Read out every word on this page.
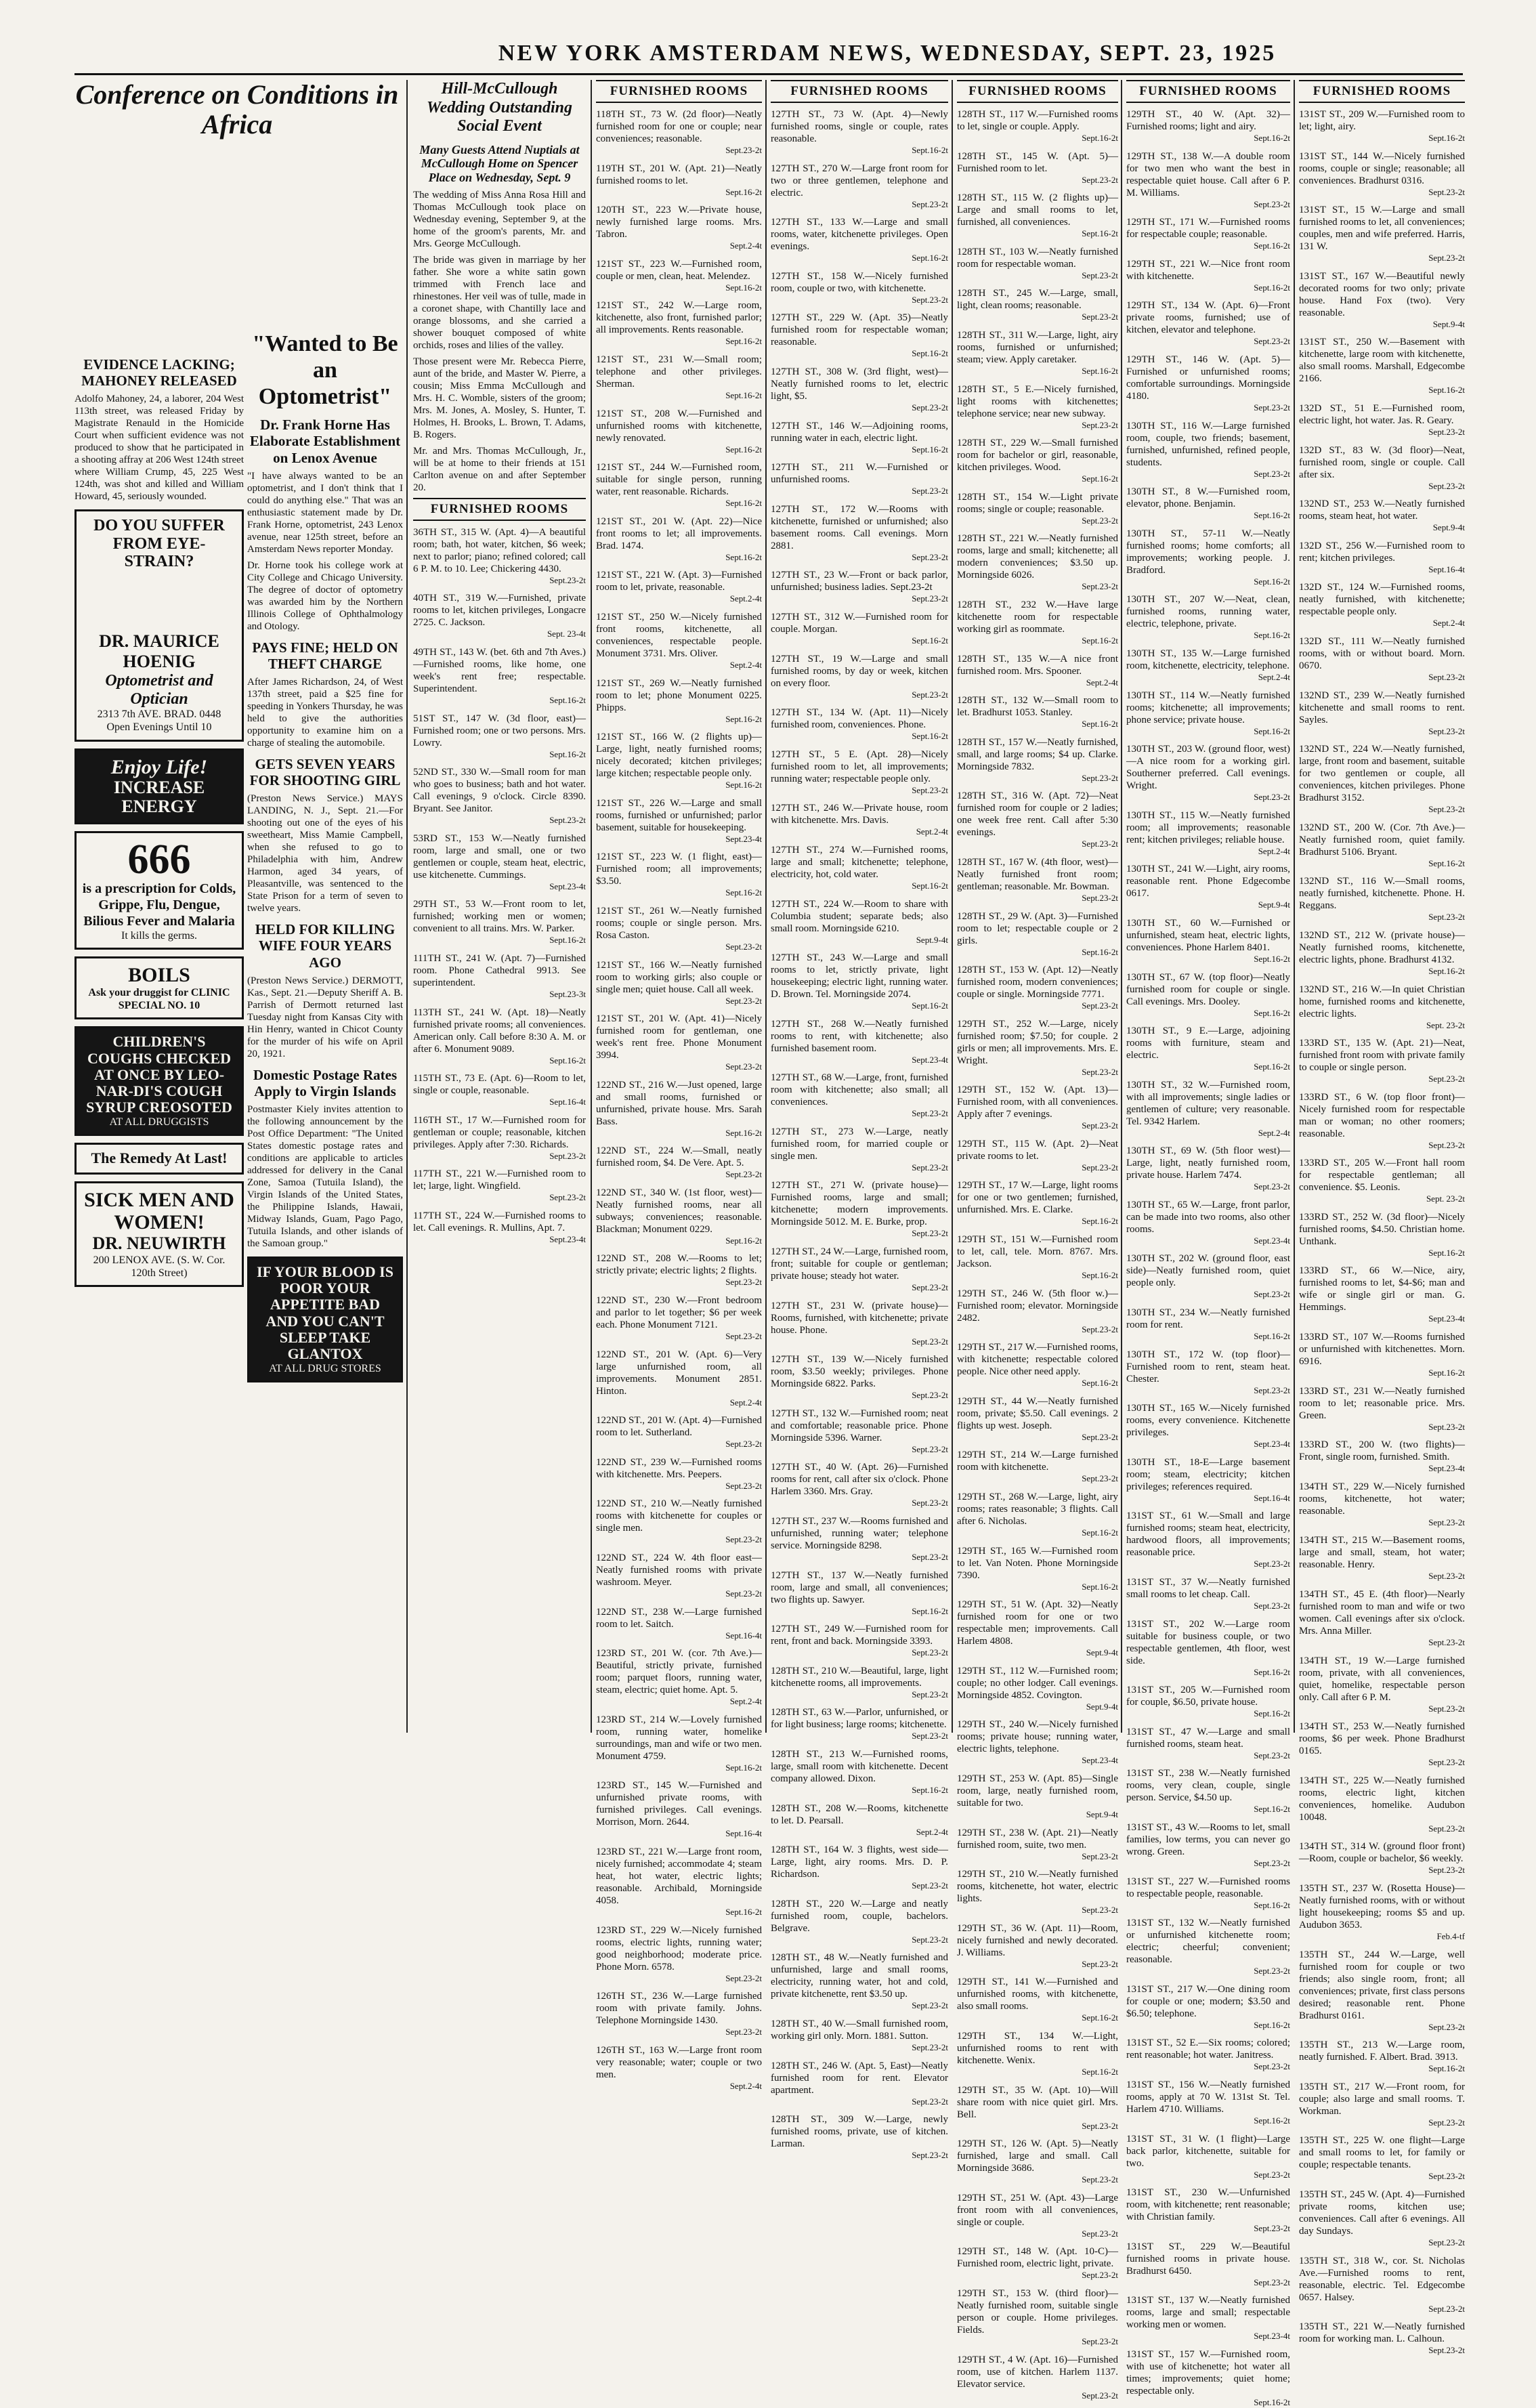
NEW YORK AMSTERDAM NEWS, WEDNESDAY, SEPT. 23, 1925
Conference on Conditions in Africa
EVIDENCE LACKING; MAHONEY RELEASED
Adolfo Mahoney, 24, a laborer, 204 West 113th street, was released Friday by Magistrate Renauld in the Homicide Court when sufficient evidence was not produced to show that he participated in a shooting affray at 206 West 124th street where William Crump, 45, 225 West 124th, was shot and killed and William Howard, 45, seriously wounded.
DO YOU SUFFER FROM EYE-STRAIN?
DR. MAURICE HOENIG
Optometrist and Optician
2313 7th AVE. BRAD. 0448
Open Evenings Until 10
Enjoy Life!
INCREASE ENERGY
666
is a prescription for Colds, Grippe, Flu, Dengue, Bilious Fever and Malaria
It kills the germs.
BOILS
Ask your druggist for CLINIC SPECIAL NO. 10
CHILDREN'S COUGHS CHECKED AT ONCE BY LEO-NAR-DI'S COUGH SYRUP CREOSOTED
AT ALL DRUGGISTS
The Remedy At Last!
SICK MEN AND WOMEN!
DR. NEUWIRTH
200 LENOX AVE. (S. W. Cor. 120th Street)
"Wanted to Be an Optometrist"
Dr. Frank Horne Has Elaborate Establishment on Lenox Avenue
"I have always wanted to be an optometrist, and I don't think that I could do anything else." That was an enthusiastic statement made by Dr. Frank Horne, optometrist, 243 Lenox avenue, near 125th street, before an Amsterdam News reporter Monday.
Dr. Horne took his college work at City College and Chicago University. The degree of doctor of optometry was awarded him by the Northern Illinois College of Ophthalmology and Otology.
PAYS FINE; HELD ON THEFT CHARGE
After James Richardson, 24, of West 137th street, paid a $25 fine for speeding in Yonkers Thursday, he was held to give the authorities opportunity to examine him on a charge of stealing the automobile.
GETS SEVEN YEARS FOR SHOOTING GIRL
(Preston News Service.) MAYS LANDING, N. J., Sept. 21.—For shooting out one of the eyes of his sweetheart, Miss Mamie Campbell, when she refused to go to Philadelphia with him, Andrew Harmon, aged 34 years, of Pleasantville, was sentenced to the State Prison for a term of seven to twelve years.
HELD FOR KILLING WIFE FOUR YEARS AGO
(Preston News Service.) DERMOTT, Kas., Sept. 21.—Deputy Sheriff A. B. Parrish of Dermott returned last Tuesday night from Kansas City with Hin Henry, wanted in Chicot County for the murder of his wife on April 20, 1921.
Domestic Postage Rates Apply to Virgin Islands
Postmaster Kiely invites attention to the following announcement by the Post Office Department: "The United States domestic postage rates and conditions are applicable to articles addressed for delivery in the Canal Zone, Samoa (Tutuila Island), the Virgin Islands of the United States, the Philippine Islands, Hawaii, Midway Islands, Guam, Pago Pago, Tutuila Islands, and other islands of the Samoan group."
IF YOUR BLOOD IS POOR YOUR APPETITE BAD AND YOU CAN'T SLEEP TAKE GLANTOX
AT ALL DRUG STORES
Hill-McCullough Wedding Outstanding Social Event
Many Guests Attend Nuptials at McCullough Home on Spencer Place on Wednesday, Sept. 9
The wedding of Miss Anna Rosa Hill and Thomas McCullough took place on Wednesday evening, September 9, at the home of the groom's parents, Mr. and Mrs. George McCullough.
The bride was given in marriage by her father. She wore a white satin gown trimmed with French lace and rhinestones. Her veil was of tulle, made in a coronet shape, with Chantilly lace and orange blossoms, and she carried a shower bouquet composed of white orchids, roses and lilies of the valley.
Those present were Mr. Rebecca Pierre, aunt of the bride, and Master W. Pierre, a cousin; Miss Emma McCullough and Mrs. H. C. Womble, sisters of the groom; Mrs. M. Jones, A. Mosley, S. Hunter, T. Holmes, H. Brooks, L. Brown, T. Adams, B. Rogers.
Mr. and Mrs. Thomas McCullough, Jr., will be at home to their friends at 151 Carlton avenue on and after September 20.
FURNISHED ROOMS
36TH ST., 315 W. (Apt. 4)—A beautiful room; bath, hot water, kitchen, $6 week; next to parlor; piano; refined colored; call 6 P. M. to 10. Lee; Chickering 4430.
Sept.23-2t
40TH ST., 319 W.—Furnished, private rooms to let, kitchen privileges, Longacre 2725. C. Jackson.
Sept. 23-4t
49TH ST., 143 W. (bet. 6th and 7th Aves.)—Furnished rooms, like home, one week's rent free; respectable. Superintendent.
Sept.16-2t
51ST ST., 147 W. (3d floor, east)—Furnished room; one or two persons. Mrs. Lowry.
Sept.16-2t
52ND ST., 330 W.—Small room for man who goes to business; bath and hot water. Call evenings, 9 o'clock. Circle 8390. Bryant. See Janitor.
Sept.23-2t
53RD ST., 153 W.—Neatly furnished room, large and small, one or two gentlemen or couple, steam heat, electric, use kitchenette. Cummings.
Sept.23-4t
29TH ST., 53 W.—Front room to let, furnished; working men or women; convenient to all trains. Mrs. W. Parker.
Sept.16-2t
111TH ST., 241 W. (Apt. 7)—Furnished room. Phone Cathedral 9913. See superintendent.
Sept.23-3t
113TH ST., 241 W. (Apt. 18)—Neatly furnished private rooms; all conveniences. American only. Call before 8:30 A. M. or after 6. Monument 9089.
Sept.16-2t
115TH ST., 73 E. (Apt. 6)—Room to let, single or couple, reasonable.
Sept.16-4t
116TH ST., 17 W.—Furnished room for gentleman or couple; reasonable, kitchen privileges. Apply after 7:30. Richards.
Sept.23-2t
117TH ST., 221 W.—Furnished room to let; large, light. Wingfield.
Sept.23-2t
117TH ST., 224 W.—Furnished rooms to let. Call evenings. R. Mullins, Apt. 7.
Sept.23-4t
FURNISHED ROOMS
118TH ST., 73 W. (2d floor)—Neatly furnished room for one or couple; near conveniences; reasonable.
Sept.23-2t
119TH ST., 201 W. (Apt. 21)—Neatly furnished rooms to let.
Sept.16-2t
120TH ST., 223 W.—Private house, newly furnished large rooms. Mrs. Tabron.
Sept.2-4t
121ST ST., 223 W.—Furnished room, couple or men, clean, heat. Melendez.
Sept.16-2t
121ST ST., 242 W.—Large room, kitchenette, also front, furnished parlor; all improvements. Rents reasonable.
Sept.16-2t
121ST ST., 231 W.—Small room; telephone and other privileges. Sherman.
Sept.16-2t
121ST ST., 208 W.—Furnished and unfurnished rooms with kitchenette, newly renovated.
Sept.16-2t
121ST ST., 244 W.—Furnished room, suitable for single person, running water, rent reasonable. Richards.
Sept.16-2t
121ST ST., 201 W. (Apt. 22)—Nice front rooms to let; all improvements. Brad. 1474.
Sept.16-2t
121ST ST., 221 W. (Apt. 3)—Furnished room to let, private, reasonable.
Sept.2-4t
121ST ST., 250 W.—Nicely furnished front rooms, kitchenette, all conveniences, respectable people. Monument 3731. Mrs. Oliver.
Sept.2-4t
121ST ST., 269 W.—Neatly furnished room to let; phone Monument 0225. Phipps.
Sept.16-2t
121ST ST., 166 W. (2 flights up)—Large, light, neatly furnished rooms; nicely decorated; kitchen privileges; large kitchen; respectable people only.
Sept.16-2t
121ST ST., 226 W.—Large and small rooms, furnished or unfurnished; parlor basement, suitable for housekeeping.
Sept.23-4t
121ST ST., 223 W. (1 flight, east)—Furnished room; all improvements; $3.50.
Sept.16-2t
121ST ST., 261 W.—Neatly furnished rooms; couple or single person. Mrs. Rosa Caston.
Sept.23-2t
121ST ST., 166 W.—Neatly furnished room to working girls; also couple or single men; quiet house. Call all week.
Sept.23-2t
121ST ST., 201 W. (Apt. 41)—Nicely furnished room for gentleman, one week's rent free. Phone Monument 3994.
Sept.23-2t
122ND ST., 216 W.—Just opened, large and small rooms, furnished or unfurnished, private house. Mrs. Sarah Bass.
Sept.16-2t
122ND ST., 224 W.—Small, neatly furnished room, $4. De Vere. Apt. 5.
Sept.23-2t
122ND ST., 340 W. (1st floor, west)—Neatly furnished rooms, near all subways; conveniences; reasonable. Blackman; Monument 0229.
Sept.16-2t
122ND ST., 208 W.—Rooms to let; strictly private; electric lights; 2 flights.
Sept.23-2t
122ND ST., 230 W.—Front bedroom and parlor to let together; $6 per week each. Phone Monument 7121.
Sept.23-2t
122ND ST., 201 W. (Apt. 6)—Very large unfurnished room, all improvements. Monument 2851. Hinton.
Sept.2-4t
122ND ST., 201 W. (Apt. 4)—Furnished room to let. Sutherland.
Sept.23-2t
122ND ST., 239 W.—Furnished rooms with kitchenette. Mrs. Peepers.
Sept.23-2t
122ND ST., 210 W.—Neatly furnished rooms with kitchenette for couples or single men.
Sept.23-2t
122ND ST., 224 W. 4th floor east—Neatly furnished rooms with private washroom. Meyer.
Sept.23-2t
122ND ST., 238 W.—Large furnished room to let. Saitch.
Sept.16-4t
123RD ST., 201 W. (cor. 7th Ave.)—Beautiful, strictly private, furnished room; parquet floors, running water, steam, electric; quiet home. Apt. 5.
Sept.2-4t
123RD ST., 214 W.—Lovely furnished room, running water, homelike surroundings, man and wife or two men. Monument 4759.
Sept.16-2t
123RD ST., 145 W.—Furnished and unfurnished private rooms, with furnished privileges. Call evenings. Morrison, Morn. 2644.
Sept.16-4t
123RD ST., 221 W.—Large front room, nicely furnished; accommodate 4; steam heat, hot water, electric lights; reasonable. Archibald, Morningside 4058.
Sept.16-2t
123RD ST., 229 W.—Nicely furnished rooms, electric lights, running water; good neighborhood; moderate price. Phone Morn. 6578.
Sept.23-2t
126TH ST., 236 W.—Large furnished room with private family. Johns. Telephone Morningside 1430.
Sept.23-2t
126TH ST., 163 W.—Large front room very reasonable; water; couple or two men.
Sept.2-4t
FURNISHED ROOMS
127TH ST., 73 W. (Apt. 4)—Newly furnished rooms, single or couple, rates reasonable.
Sept.16-2t
127TH ST., 270 W.—Large front room for two or three gentlemen, telephone and electric.
Sept.23-2t
127TH ST., 133 W.—Large and small rooms, water, kitchenette privileges. Open evenings.
Sept.16-2t
127TH ST., 158 W.—Nicely furnished room, couple or two, with kitchenette.
Sept.23-2t
127TH ST., 229 W. (Apt. 35)—Neatly furnished room for respectable woman; reasonable.
Sept.16-2t
127TH ST., 308 W. (3rd flight, west)—Neatly furnished rooms to let, electric light, $5.
Sept.23-2t
127TH ST., 146 W.—Adjoining rooms, running water in each, electric light.
Sept.16-2t
127TH ST., 211 W.—Furnished or unfurnished rooms.
Sept.23-2t
127TH ST., 172 W.—Rooms with kitchenette, furnished or unfurnished; also basement rooms. Call evenings. Morn 2881.
Sept.23-2t
127TH ST., 23 W.—Front or back parlor, unfurnished; business ladies. Sept.23-2t
Sept.23-2t
127TH ST., 312 W.—Furnished room for couple. Morgan.
Sept.16-2t
127TH ST., 19 W.—Large and small furnished rooms, by day or week, kitchen on every floor.
Sept.23-2t
127TH ST., 134 W. (Apt. 11)—Nicely furnished room, conveniences. Phone.
Sept.16-2t
127TH ST., 5 E. (Apt. 28)—Nicely furnished room to let, all improvements; running water; respectable people only.
Sept.23-2t
127TH ST., 246 W.—Private house, room with kitchenette. Mrs. Davis.
Sept.2-4t
127TH ST., 274 W.—Furnished rooms, large and small; kitchenette; telephone, electricity, hot, cold water.
Sept.16-2t
127TH ST., 224 W.—Room to share with Columbia student; separate beds; also small room. Morningside 6210.
Sept.9-4t
127TH ST., 243 W.—Large and small rooms to let, strictly private, light housekeeping; electric light, running water. D. Brown. Tel. Morningside 2074.
Sept.16-2t
127TH ST., 268 W.—Neatly furnished rooms to rent, with kitchenette; also furnished basement room.
Sept.23-4t
127TH ST., 68 W.—Large, front, furnished room with kitchenette; also small; all conveniences.
Sept.23-2t
127TH ST., 273 W.—Large, neatly furnished room, for married couple or single men.
Sept.23-2t
127TH ST., 271 W. (private house)—Furnished rooms, large and small; kitchenette; modern improvements. Morningside 5012. M. E. Burke, prop.
Sept.23-2t
127TH ST., 24 W.—Large, furnished room, front; suitable for couple or gentleman; private house; steady hot water.
Sept.23-2t
127TH ST., 231 W. (private house)—Rooms, furnished, with kitchenette; private house. Phone.
Sept.23-2t
127TH ST., 139 W.—Nicely furnished room, $3.50 weekly; privileges. Phone Morningside 6822. Parks.
Sept.23-2t
127TH ST., 132 W.—Furnished room; neat and comfortable; reasonable price. Phone Morningside 5396. Warner.
Sept.23-2t
127TH ST., 40 W. (Apt. 26)—Furnished rooms for rent, call after six o'clock. Phone Harlem 3360. Mrs. Gray.
Sept.23-2t
127TH ST., 237 W.—Rooms furnished and unfurnished, running water; telephone service. Morningside 8298.
Sept.23-2t
127TH ST., 137 W.—Neatly furnished room, large and small, all conveniences; two flights up. Sawyer.
Sept.16-2t
127TH ST., 249 W.—Furnished room for rent, front and back. Morningside 3393.
Sept.23-2t
128TH ST., 210 W.—Beautiful, large, light kitchenette rooms, all improvements.
Sept.23-2t
128TH ST., 63 W.—Parlor, unfurnished, or for light business; large rooms; kitchenette.
Sept.23-2t
128TH ST., 213 W.—Furnished rooms, large, small room with kitchenette. Decent company allowed. Dixon.
Sept.16-2t
128TH ST., 208 W.—Rooms, kitchenette to let. D. Pearsall.
Sept.2-4t
128TH ST., 164 W. 3 flights, west side—Large, light, airy rooms. Mrs. D. P. Richardson.
Sept.23-2t
128TH ST., 220 W.—Large and neatly furnished room, couple, bachelors. Belgrave.
Sept.23-2t
128TH ST., 48 W.—Neatly furnished and unfurnished, large and small rooms, electricity, running water, hot and cold, private kitchenette, rent $3.50 up.
Sept.23-2t
128TH ST., 40 W.—Small furnished room, working girl only. Morn. 1881. Sutton.
Sept.23-2t
128TH ST., 246 W. (Apt. 5, East)—Neatly furnished room for rent. Elevator apartment.
Sept.23-2t
128TH ST., 309 W.—Large, newly furnished rooms, private, use of kitchen. Larman.
Sept.23-2t
FURNISHED ROOMS
128TH ST., 117 W.—Furnished rooms to let, single or couple. Apply.
Sept.16-2t
128TH ST., 145 W. (Apt. 5)—Furnished room to let.
Sept.23-2t
128TH ST., 115 W. (2 flights up)—Large and small rooms to let, furnished, all conveniences.
Sept.16-2t
128TH ST., 103 W.—Neatly furnished room for respectable woman.
Sept.23-2t
128TH ST., 245 W.—Large, small, light, clean rooms; reasonable.
Sept.23-2t
128TH ST., 311 W.—Large, light, airy rooms, furnished or unfurnished; steam; view. Apply caretaker.
Sept.16-2t
128TH ST., 5 E.—Nicely furnished, light rooms with kitchenettes; telephone service; near new subway.
Sept.23-2t
128TH ST., 229 W.—Small furnished room for bachelor or girl, reasonable, kitchen privileges. Wood.
Sept.16-2t
128TH ST., 154 W.—Light private rooms; single or couple; reasonable.
Sept.23-2t
128TH ST., 221 W.—Neatly furnished rooms, large and small; kitchenette; all modern conveniences; $3.50 up. Morningside 6026.
Sept.23-2t
128TH ST., 232 W.—Have large kitchenette room for respectable working girl as roommate.
Sept.16-2t
128TH ST., 135 W.—A nice front furnished room. Mrs. Spooner.
Sept.2-4t
128TH ST., 132 W.—Small room to let. Bradhurst 1053. Stanley.
Sept.16-2t
128TH ST., 157 W.—Neatly furnished, small, and large rooms; $4 up. Clarke. Morningside 7832.
Sept.23-2t
128TH ST., 316 W. (Apt. 72)—Neat furnished room for couple or 2 ladies; one week free rent. Call after 5:30 evenings.
Sept.23-2t
128TH ST., 167 W. (4th floor, west)—Neatly furnished front room; gentleman; reasonable. Mr. Bowman.
Sept.23-2t
128TH ST., 29 W. (Apt. 3)—Furnished room to let; respectable couple or 2 girls.
Sept.16-2t
128TH ST., 153 W. (Apt. 12)—Neatly furnished room, modern conveniences; couple or single. Morningside 7771.
Sept.23-2t
129TH ST., 252 W.—Large, nicely furnished room; $7.50; for couple. 2 girls or men; all improvements. Mrs. E. Wright.
Sept.23-2t
129TH ST., 152 W. (Apt. 13)—Furnished room, with all conveniences. Apply after 7 evenings.
Sept.23-2t
129TH ST., 115 W. (Apt. 2)—Neat private rooms to let.
Sept.23-2t
129TH ST., 17 W.—Large, light rooms for one or two gentlemen; furnished, unfurnished. Mrs. E. Clarke.
Sept.16-2t
129TH ST., 151 W.—Furnished room to let, call, tele. Morn. 8767. Mrs. Jackson.
Sept.16-2t
129TH ST., 246 W. (5th floor w.)—Furnished room; elevator. Morningside 2482.
Sept.23-2t
129TH ST., 217 W.—Furnished rooms, with kitchenette; respectable colored people. Nice other need apply.
Sept.16-2t
129TH ST., 44 W.—Neatly furnished room, private; $5.50. Call evenings. 2 flights up west. Joseph.
Sept.23-2t
129TH ST., 214 W.—Large furnished room with kitchenette.
Sept.23-2t
129TH ST., 268 W.—Large, light, airy rooms; rates reasonable; 3 flights. Call after 6. Nicholas.
Sept.16-2t
129TH ST., 165 W.—Furnished room to let. Van Noten. Phone Morningside 7390.
Sept.16-2t
129TH ST., 51 W. (Apt. 32)—Neatly furnished room for one or two respectable men; improvements. Call Harlem 4808.
Sept.9-4t
129TH ST., 112 W.—Furnished room; couple; no other lodger. Call evenings. Morningside 4852. Covington.
Sept.9-4t
129TH ST., 240 W.—Nicely furnished rooms; private house; running water, electric lights, telephone.
Sept.23-4t
129TH ST., 253 W. (Apt. 85)—Single room, large, neatly furnished room, suitable for two.
Sept.9-4t
129TH ST., 238 W. (Apt. 21)—Neatly furnished room, suite, two men.
Sept.23-2t
129TH ST., 210 W.—Neatly furnished rooms, kitchenette, hot water, electric lights.
Sept.23-2t
129TH ST., 36 W. (Apt. 11)—Room, nicely furnished and newly decorated. J. Williams.
Sept.23-2t
129TH ST., 141 W.—Furnished and unfurnished rooms, with kitchenette, also small rooms.
Sept.16-2t
129TH ST., 134 W.—Light, unfurnished rooms to rent with kitchenette. Wenix.
Sept.16-2t
129TH ST., 35 W. (Apt. 10)—Will share room with nice quiet girl. Mrs. Bell.
Sept.23-2t
129TH ST., 126 W. (Apt. 5)—Neatly furnished, large and small. Call Morningside 3686.
Sept.23-2t
129TH ST., 251 W. (Apt. 43)—Large front room with all conveniences, single or couple.
Sept.23-2t
129TH ST., 148 W. (Apt. 10-C)—Furnished room, electric light, private.
Sept.23-2t
129TH ST., 153 W. (third floor)—Neatly furnished room, suitable single person or couple. Home privileges. Fields.
Sept.23-2t
129TH ST., 4 W. (Apt. 16)—Furnished room, use of kitchen. Harlem 1137. Elevator service.
Sept.23-2t
FURNISHED ROOMS
129TH ST., 40 W. (Apt. 32)—Furnished rooms; light and airy.
Sept.16-2t
129TH ST., 138 W.—A double room for two men who want the best in respectable quiet house. Call after 6 P. M. Williams.
Sept.23-2t
129TH ST., 171 W.—Furnished rooms for respectable couple; reasonable.
Sept.16-2t
129TH ST., 221 W.—Nice front room with kitchenette.
Sept.16-2t
129TH ST., 134 W. (Apt. 6)—Front private rooms, furnished; use of kitchen, elevator and telephone.
Sept.23-2t
129TH ST., 146 W. (Apt. 5)—Furnished or unfurnished rooms; comfortable surroundings. Morningside 4180.
Sept.23-2t
130TH ST., 116 W.—Large furnished room, couple, two friends; basement, furnished, unfurnished, refined people, students.
Sept.23-2t
130TH ST., 8 W.—Furnished room, elevator, phone. Benjamin.
Sept.16-2t
130TH ST., 57-11 W.—Neatly furnished rooms; home comforts; all improvements; working people. J. Bradford.
Sept.16-2t
130TH ST., 207 W.—Neat, clean, furnished rooms, running water, electric, telephone, private.
Sept.16-2t
130TH ST., 135 W.—Large furnished room, kitchenette, electricity, telephone.
Sept.2-4t
130TH ST., 114 W.—Neatly furnished rooms; kitchenette; all improvements; phone service; private house.
Sept.16-2t
130TH ST., 203 W. (ground floor, west)—A nice room for a working girl. Southerner preferred. Call evenings. Wright.
Sept.23-2t
130TH ST., 115 W.—Neatly furnished room; all improvements; reasonable rent; kitchen privileges; reliable house.
Sept.2-4t
130TH ST., 241 W.—Light, airy rooms, reasonable rent. Phone Edgecombe 0617.
Sept.9-4t
130TH ST., 60 W.—Furnished or unfurnished, steam heat, electric lights, conveniences. Phone Harlem 8401.
Sept.16-2t
130TH ST., 67 W. (top floor)—Neatly furnished room for couple or single. Call evenings. Mrs. Dooley.
Sept.16-2t
130TH ST., 9 E.—Large, adjoining rooms with furniture, steam and electric.
Sept.16-2t
130TH ST., 32 W.—Furnished room, with all improvements; single ladies or gentlemen of culture; very reasonable. Tel. 9342 Harlem.
Sept.2-4t
130TH ST., 69 W. (5th floor west)—Large, light, neatly furnished room, private house. Harlem 7474.
Sept.23-2t
130TH ST., 65 W.—Large, front parlor, can be made into two rooms, also other rooms.
Sept.23-4t
130TH ST., 202 W. (ground floor, east side)—Neatly furnished room, quiet people only.
Sept.23-2t
130TH ST., 234 W.—Neatly furnished room for rent.
Sept.16-2t
130TH ST., 172 W. (top floor)—Furnished room to rent, steam heat. Chester.
Sept.23-2t
130TH ST., 165 W.—Nicely furnished rooms, every convenience. Kitchenette privileges.
Sept.23-4t
130TH ST., 18-E—Large basement room; steam, electricity; kitchen privileges; references required.
Sept.16-4t
131ST ST., 61 W.—Small and large furnished rooms; steam heat, electricity, hardwood floors, all improvements; reasonable price.
Sept.23-2t
131ST ST., 37 W.—Neatly furnished small rooms to let cheap. Call.
Sept.23-2t
131ST ST., 202 W.—Large room suitable for business couple, or two respectable gentlemen, 4th floor, west side.
Sept.16-2t
131ST ST., 205 W.—Furnished room for couple, $6.50, private house.
Sept.16-2t
131ST ST., 47 W.—Large and small furnished rooms, steam heat.
Sept.23-2t
131ST ST., 238 W.—Neatly furnished rooms, very clean, couple, single person. Service, $4.50 up.
Sept.16-2t
131ST ST., 43 W.—Rooms to let, small families, low terms, you can never go wrong. Green.
Sept.23-2t
131ST ST., 227 W.—Furnished rooms to respectable people, reasonable.
Sept.16-2t
131ST ST., 132 W.—Neatly furnished or unfurnished kitchenette room; electric; cheerful; convenient; reasonable.
Sept.23-2t
131ST ST., 217 W.—One dining room for couple or one; modern; $3.50 and $6.50; telephone.
Sept.16-2t
131ST ST., 52 E.—Six rooms; colored; rent reasonable; hot water. Janitress.
Sept.23-2t
131ST ST., 156 W.—Neatly furnished rooms, apply at 70 W. 131st St. Tel. Harlem 4710. Williams.
Sept.16-2t
131ST ST., 31 W. (1 flight)—Large back parlor, kitchenette, suitable for two.
Sept.23-2t
131ST ST., 230 W.—Unfurnished room, with kitchenette; rent reasonable; with Christian family.
Sept.23-2t
131ST ST., 229 W.—Beautiful furnished rooms in private house. Bradhurst 6450.
Sept.23-2t
131ST ST., 137 W.—Neatly furnished rooms, large and small; respectable working men or women.
Sept.23-4t
131ST ST., 157 W.—Furnished room, with use of kitchenette; hot water all times; improvements; quiet home; respectable only.
Sept.16-2t
FURNISHED ROOMS
131ST ST., 209 W.—Furnished room to let; light, airy.
Sept.16-2t
131ST ST., 144 W.—Nicely furnished rooms, couple or single; reasonable; all conveniences. Bradhurst 0316.
Sept.23-2t
131ST ST., 15 W.—Large and small furnished rooms to let, all conveniences; couples, men and wife preferred. Harris, 131 W.
Sept.23-2t
131ST ST., 167 W.—Beautiful newly decorated rooms for two only; private house. Hand Fox (two). Very reasonable.
Sept.9-4t
131ST ST., 250 W.—Basement with kitchenette, large room with kitchenette, also small rooms. Marshall, Edgecombe 2166.
Sept.16-2t
132D ST., 51 E.—Furnished room, electric light, hot water. Jas. R. Geary.
Sept.23-2t
132D ST., 83 W. (3d floor)—Neat, furnished room, single or couple. Call after six.
Sept.23-2t
132ND ST., 253 W.—Neatly furnished rooms, steam heat, hot water.
Sept.9-4t
132D ST., 256 W.—Furnished room to rent; kitchen privileges.
Sept.16-4t
132D ST., 124 W.—Furnished rooms, neatly furnished, with kitchenette; respectable people only.
Sept.2-4t
132D ST., 111 W.—Neatly furnished rooms, with or without board. Morn. 0670.
Sept.23-2t
132ND ST., 239 W.—Neatly furnished kitchenette and small rooms to rent. Sayles.
Sept.23-2t
132ND ST., 224 W.—Neatly furnished, large, front room and basement, suitable for two gentlemen or couple, all conveniences, kitchen privileges. Phone Bradhurst 3152.
Sept.23-2t
132ND ST., 200 W. (Cor. 7th Ave.)—Neatly furnished room, quiet family. Bradhurst 5106. Bryant.
Sept.16-2t
132ND ST., 116 W.—Small rooms, neatly furnished, kitchenette. Phone. H. Reggans.
Sept.23-2t
132ND ST., 212 W. (private house)—Neatly furnished rooms, kitchenette, electric lights, phone. Bradhurst 4132.
Sept.16-2t
132ND ST., 216 W.—In quiet Christian home, furnished rooms and kitchenette, electric lights.
Sept. 23-2t
133RD ST., 135 W. (Apt. 21)—Neat, furnished front room with private family to couple or single person.
Sept.23-2t
133RD ST., 6 W. (top floor front)—Nicely furnished room for respectable man or woman; no other roomers; reasonable.
Sept.23-2t
133RD ST., 205 W.—Front hall room for respectable gentleman; all convenience. $5. Leonis.
Sept. 23-2t
133RD ST., 252 W. (3d floor)—Nicely furnished rooms, $4.50. Christian home. Unthank.
Sept.16-2t
133RD ST., 66 W.—Nice, airy, furnished rooms to let, $4-$6; man and wife or single girl or man. G. Hemmings.
Sept.23-4t
133RD ST., 107 W.—Rooms furnished or unfurnished with kitchenettes. Morn. 6916.
Sept.16-2t
133RD ST., 231 W.—Neatly furnished room to let; reasonable price. Mrs. Green.
Sept.23-2t
133RD ST., 200 W. (two flights)—Front, single room, furnished. Smith.
Sept.23-4t
134TH ST., 229 W.—Nicely furnished rooms, kitchenette, hot water; reasonable.
Sept.23-2t
134TH ST., 215 W.—Basement rooms, large and small, steam, hot water; reasonable. Henry.
Sept.23-2t
134TH ST., 45 E. (4th floor)—Nearly furnished room to man and wife or two women. Call evenings after six o'clock. Mrs. Anna Miller.
Sept.23-2t
134TH ST., 19 W.—Large furnished room, private, with all conveniences, quiet, homelike, respectable person only. Call after 6 P. M.
Sept.23-2t
134TH ST., 253 W.—Neatly furnished rooms, $6 per week. Phone Bradhurst 0165.
Sept.23-2t
134TH ST., 225 W.—Neatly furnished rooms, electric light, kitchen conveniences, homelike. Audubon 10048.
Sept.23-2t
134TH ST., 314 W. (ground floor front)—Room, couple or bachelor, $6 weekly.
Sept.23-2t
135TH ST., 237 W. (Rosetta House)—Neatly furnished rooms, with or without light housekeeping; rooms $5 and up. Audubon 3653.
Feb.4-tf
135TH ST., 244 W.—Large, well furnished room for couple or two friends; also single room, front; all conveniences; private, first class persons desired; reasonable rent. Phone Bradhurst 0161.
Sept.23-2t
135TH ST., 213 W.—Large room, neatly furnished. F. Albert. Brad. 3913.
Sept.16-2t
135TH ST., 217 W.—Front room, for couple; also large and small rooms. T. Workman.
Sept.23-2t
135TH ST., 225 W. one flight—Large and small rooms to let, for family or couple; respectable tenants.
Sept.23-2t
135TH ST., 245 W. (Apt. 4)—Furnished private rooms, kitchen use; conveniences. Call after 6 evenings. All day Sundays.
Sept.23-2t
135TH ST., 318 W., cor. St. Nicholas Ave.—Furnished rooms to rent, reasonable, electric. Tel. Edgecombe 0657. Halsey.
Sept.23-2t
135TH ST., 221 W.—Neatly furnished room for working man. L. Calhoun.
Sept.23-2t
